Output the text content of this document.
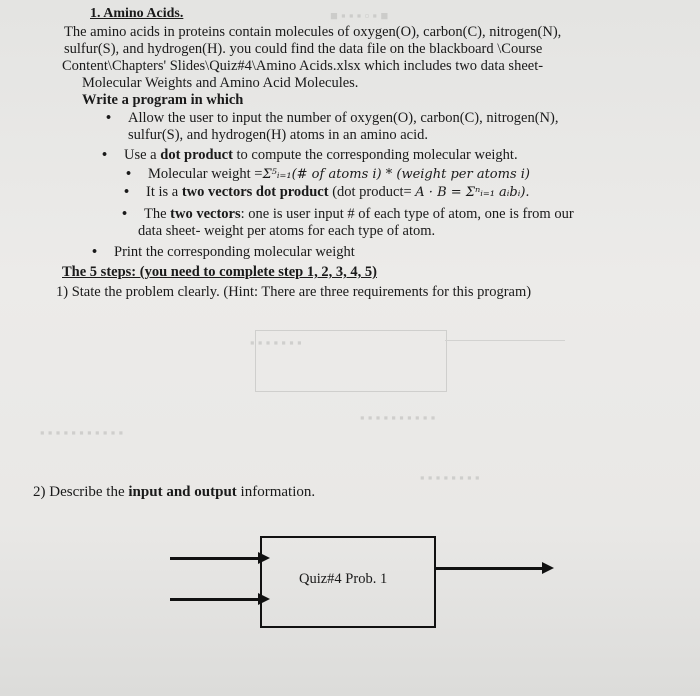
■ ▪ ▫ ▪ ▪ ▪ ■
▪ ▪ ▪ ▪ ▪ ▪ ▪
▪ ▪ ▪ ▪ ▪ ▪ ▪ ▪ ▪ ▪
▪ ▪ ▪ ▪ ▪ ▪ ▪ ▪ ▪ ▪ ▪
▪ ▪ ▪ ▪ ▪ ▪ ▪ ▪
1. Amino Acids.
The amino acids in proteins contain molecules of oxygen(O), carbon(C), nitrogen(N),
sulfur(S), and hydrogen(H). you could find the data file on the blackboard \Course
Content\Chapters' Slides\Quiz#4\Amino Acids.xlsx which includes two data sheet-
Molecular Weights and Amino Acid Molecules.
Write a program in which
• Allow the user to input the number of oxygen(O), carbon(C), nitrogen(N),
sulfur(S), and hydrogen(H) atoms in an amino acid.
• Use a dot product to compute the corresponding molecular weight.
• Molecular weight =Σ⁵ᵢ₌₁(# of atoms i) * (weight per atoms i)
• It is a two vectors dot product (dot product= A · B = Σⁿᵢ₌₁ aᵢbᵢ).
• The two vectors: one is user input # of each type of atom, one is from our
data sheet- weight per atoms for each type of atom.
• Print the corresponding molecular weight
The 5 steps: (you need to complete step 1, 2, 3, 4, 5)
1) State the problem clearly. (Hint: There are three requirements for this program)
2) Describe the input and output information.
Quiz#4 Prob. 1
